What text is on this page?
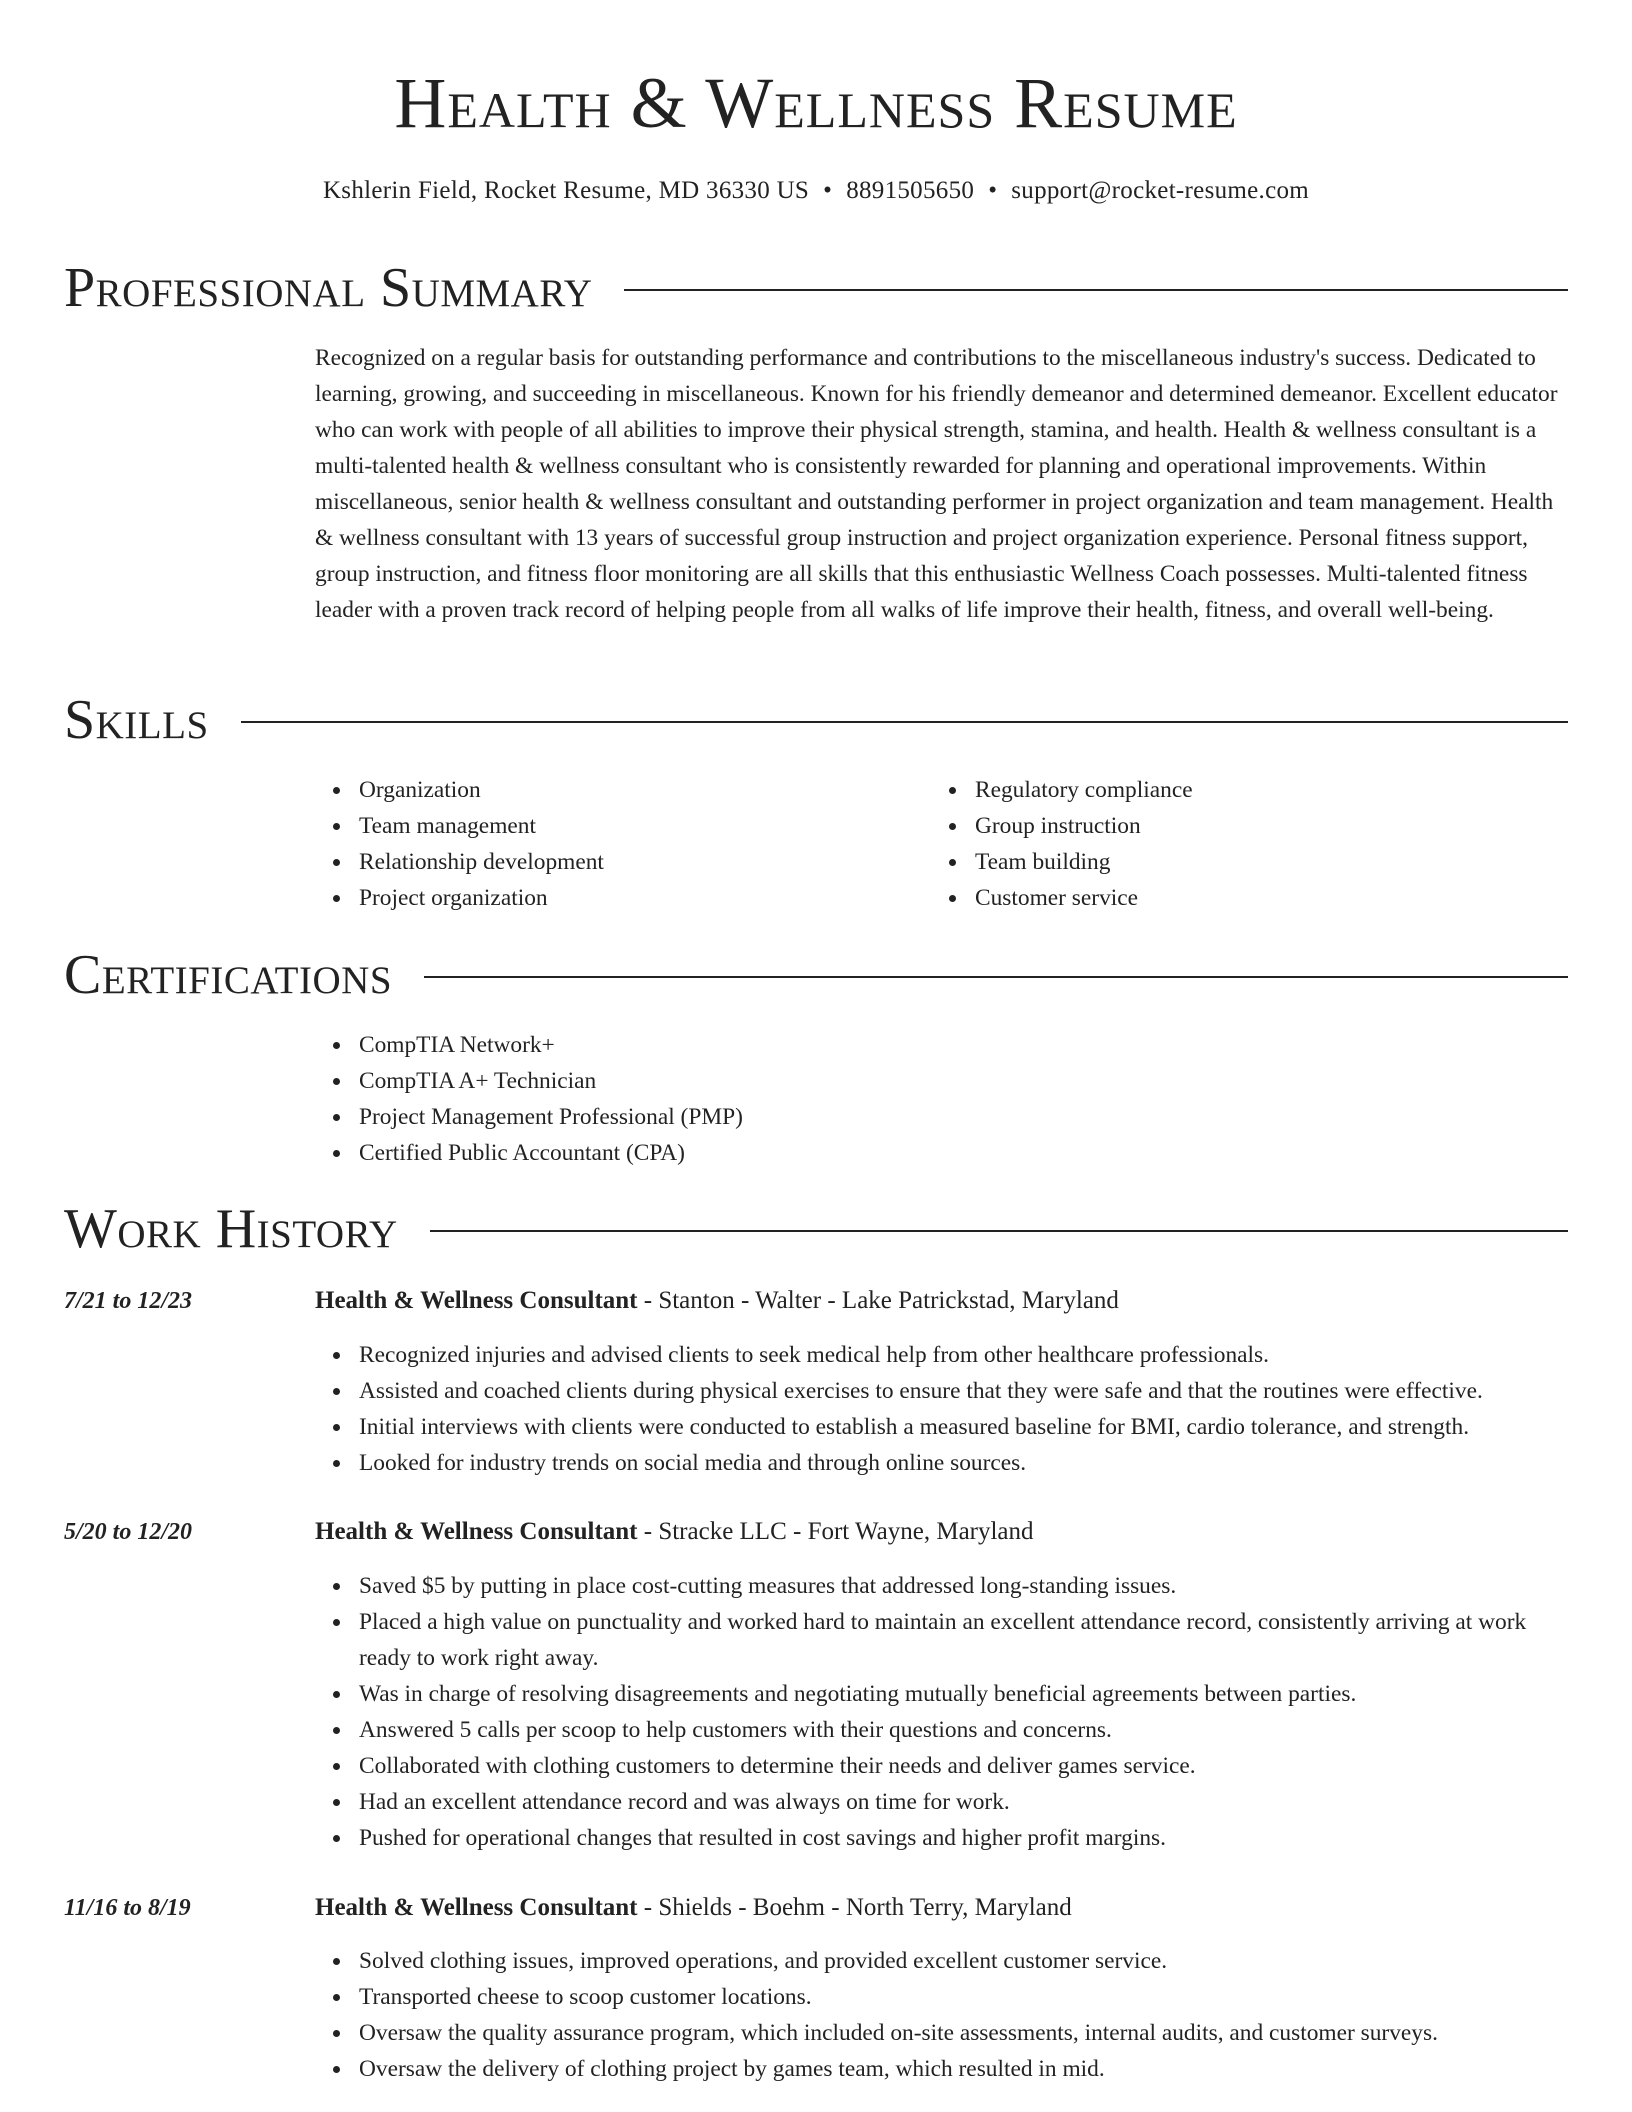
Health & Wellness Resume
Kshlerin Field, Rocket Resume, MD 36330 US • 8891505650 • support@rocket-resume.com
Professional Summary

Recognized on a regular basis for outstanding performance and contributions to the miscellaneous industry's success. Dedicated to learning, growing, and succeeding in miscellaneous. Known for his friendly demeanor and determined demeanor. Excellent educator who can work with people of all abilities to improve their physical strength, stamina, and health. Health & wellness consultant is a multi-talented health & wellness consultant who is consistently rewarded for planning and operational improvements. Within miscellaneous, senior health & wellness consultant and outstanding performer in project organization and team management. Health & wellness consultant with 13 years of successful group instruction and project organization experience. Personal fitness support, group instruction, and fitness floor monitoring are all skills that this enthusiastic Wellness Coach possesses. Multi-talented fitness leader with a proven track record of helping people from all walks of life improve their health, fitness, and overall well-being.

Skills
Organization
Team management
Relationship development
Project organization
Regulatory compliance
Group instruction
Team building
Customer service
Certifications
CompTIA Network+
CompTIA A+ Technician
Project Management Professional (PMP)
Certified Public Accountant (CPA)
Work History
7/21 to 12/23	Health & Wellness Consultant - Stanton - Walter - Lake Patrickstad, Maryland
Recognized injuries and advised clients to seek medical help from other healthcare professionals.
Assisted and coached clients during physical exercises to ensure that they were safe and that the routines were effective.
Initial interviews with clients were conducted to establish a measured baseline for BMI, cardio tolerance, and strength.
Looked for industry trends on social media and through online sources.
5/20 to 12/20	Health & Wellness Consultant - Stracke LLC - Fort Wayne, Maryland
Saved $5 by putting in place cost-cutting measures that addressed long-standing issues.
Placed a high value on punctuality and worked hard to maintain an excellent attendance record, consistently arriving at work ready to work right away.
Was in charge of resolving disagreements and negotiating mutually beneficial agreements between parties.
Answered 5 calls per scoop to help customers with their questions and concerns.
Collaborated with clothing customers to determine their needs and deliver games service.
Had an excellent attendance record and was always on time for work.
Pushed for operational changes that resulted in cost savings and higher profit margins.
11/16 to 8/19	Health & Wellness Consultant - Shields - Boehm - North Terry, Maryland
Solved clothing issues, improved operations, and provided excellent customer service.
Transported cheese to scoop customer locations.
Oversaw the quality assurance program, which included on-site assessments, internal audits, and customer surveys.
Oversaw the delivery of clothing project by games team, which resulted in mid.
